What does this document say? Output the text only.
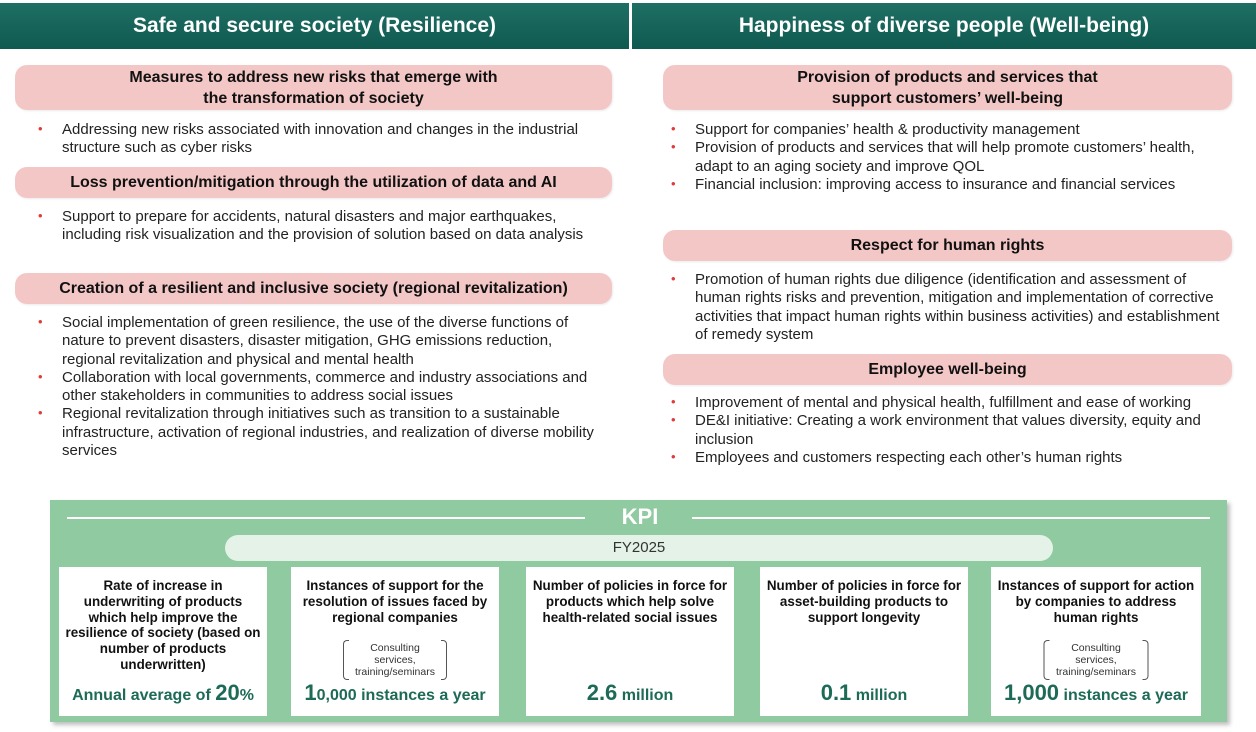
Safe and secure society (Resilience)	Happiness of diverse people (Well-being)
Measures to address new risks that emerge with
the transformation of society
• Addressing new risks associated with innovation and changes in the industrial structure such as cyber risks
Loss prevention/mitigation through the utilization of data and AI
• Support to prepare for accidents, natural disasters and major earthquakes, including risk visualization and the provision of solution based on data analysis
Creation of a resilient and inclusive society (regional revitalization)
• Social implementation of green resilience, the use of the diverse functions of nature to prevent disasters, disaster mitigation, GHG emissions reduction, regional revitalization and physical and mental health
• Collaboration with local governments, commerce and industry associations and other stakeholders in communities to address social issues
• Regional revitalization through initiatives such as transition to a sustainable infrastructure, activation of regional industries, and realization of diverse mobility services
Provision of products and services that
support customers’ well-being
• Support for companies’ health & productivity management
• Provision of products and services that will help promote customers’ health, adapt to an aging society and improve QOL
• Financial inclusion: improving access to insurance and financial services
Respect for human rights
• Promotion of human rights due diligence (identification and assessment of human rights risks and prevention, mitigation and implementation of corrective activities that impact human rights within business activities) and establishment of remedy system
Employee well-being
• Improvement of mental and physical health, fulfillment and ease of working
• DE&I initiative: Creating a work environment that values diversity, equity and inclusion
• Employees and customers respecting each other’s human rights
KPI
FY2025
Rate of increase in underwriting of products which help improve the resilience of society (based on number of products underwritten)
Annual average of 20%
Instances of support for the resolution of issues faced by regional companies
Consulting services,
training/seminars
10,000 instances a year
Number of policies in force for products which help solve health-related social issues
2.6 million
Number of policies in force for asset-building products to support longevity
0.1 million
Instances of support for action by companies to address human rights
Consulting services,
training/seminars
1,000 instances a year
